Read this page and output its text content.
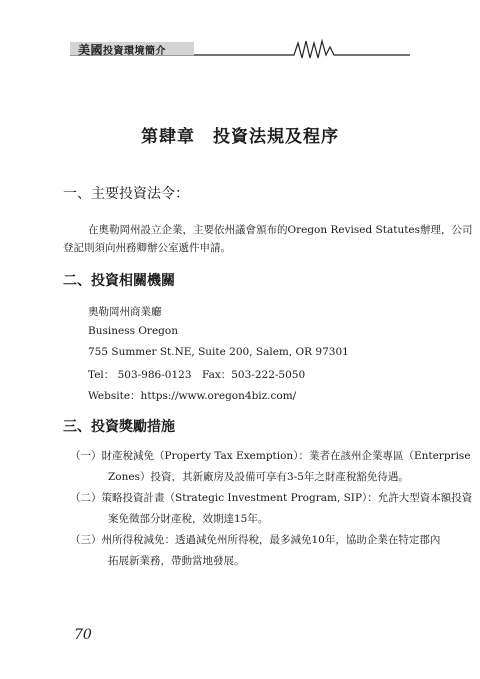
美國投資環境簡介
第肆章　投資法規及程序
一、主要投資法令：
在奧勒岡州設立企業，主要依州議會頒布的Oregon Revised Statutes辦理，公司
登記則須向州務卿辦公室遞件申請。
二、投資相關機關
奧勒岡州商業廳
Business Oregon
755 Summer St.NE, Suite 200, Salem, OR 97301
Tel： 503-986-0123　Fax：503-222-5050
Website：https://www.oregon4biz.com/
三、投資獎勵措施
（一）財產稅減免（Property Tax Exemption）：業者在該州企業專區（Enterprise
Zones）投資，其新廠房及設備可享有3-5年之財產稅豁免待遇。
（二）策略投資計畫（Strategic Investment Program, SIP）：允許大型資本額投資
案免徵部分財產稅，效期達15年。
（三）州所得稅減免：透過減免州所得稅，最多減免10年，協助企業在特定郡內
拓展新業務，帶動當地發展。
70
